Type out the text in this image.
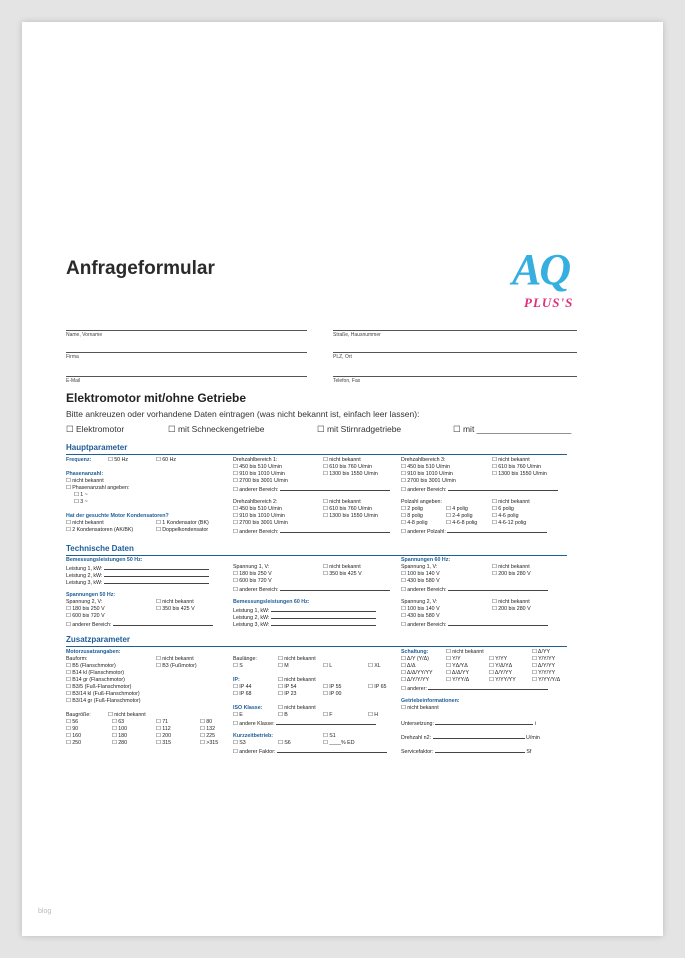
Anfrageformular	AQ
PLUS'S
Name, Vorname	Straße, Hausnummer
Firma	PLZ, Ort
E-Mail	Telefon, Fax
Elektromotor mit/ohne Getriebe
Bitte ankreuzen oder vorhandene Daten eintragen (was nicht bekannt ist, einfach leer lassen):
☐ Elektromotor	☐ mit Schneckengetriebe	☐ mit Stirnradgetriebe	☐ mit ____________________
Hauptparameter
Frequenz:	☐ 50 Hz	☐ 60 Hz
Phasenanzahl:
☐ nicht bekannt
☐ Phasenanzahl angeben:
☐ 1 ~
☐ 3 ~
Hat der gesuchte Motor Kondensatoren?
☐ nicht bekannt	☐ 1 Kondensator (BK)
☐ 2 Kondensatoren (AK/BK)	☐ Doppelkondensator
Drehzahlbereich 1:	☐ nicht bekannt
☐ 450 bis 510 U/min	☐ 610 bis 760 U/min
☐ 910 bis 1010 U/min	☐ 1300 bis 1550 U/min
☐ 2700 bis 3001 U/min
☐ anderer Bereich:
Drehzahlbereich 3:	☐ nicht bekannt
☐ 450 bis 510 U/min	☐ 610 bis 760 U/min
☐ 910 bis 1010 U/min	☐ 1300 bis 1550 U/min
☐ 2700 bis 3001 U/min
☐ anderer Bereich:
Drehzahlbereich 2:	☐ nicht bekannt
☐ 450 bis 510 U/min	☐ 610 bis 760 U/min
☐ 910 bis 1010 U/min	☐ 1300 bis 1550 U/min
☐ 2700 bis 3001 U/min
☐ anderer Bereich:
Polzahl angeben:	☐ nicht bekannt
☐ 2 polig	☐ 4 polig	☐ 6 polig
☐ 8 polig	☐ 2-4 polig	☐ 4-6 polig
☐ 4-8 polig	☐ 4-6-8 polig	☐ 4-6-12 polig
☐ anderer Polzahl:
Technische Daten
Bemessungsleistungen 50 Hz:
Leistung 1, kW:
Leistung 2, kW:
Leistung 3, kW:
Spannung 1, V:	☐ nicht bekannt
☐ 180 bis 250 V	☐ 350 bis 425 V
☐ 600 bis 720 V
☐ anderer Bereich:
Spannungen 60 Hz:
Spannung 1, V:	☐ nicht bekannt
☐ 100 bis 140 V	☐ 200 bis 280 V
☐ 430 bis 580 V
☐ anderer Bereich:
Spannungen 50 Hz:
Spannung 2, V:	☐ nicht bekannt
☐ 180 bis 250 V	☐ 350 bis 425 V
☐ 600 bis 720 V
☐ anderer Bereich:
Bemessungsleistungen 60 Hz:
Leistung 1, kW:
Leistung 2, kW:
Leistung 3, kW:
Spannung 2, V:	☐ nicht bekannt
☐ 100 bis 140 V	☐ 200 bis 280 V
☐ 430 bis 580 V
☐ anderer Bereich:
Zusatzparameter
Motorzusatzangaben:
Bauform:	☐ nicht bekannt
☐ B5 (Flanschmotor)	☐ B3 (Fußmotor)
☐ B14 kl (Flanschmotor)
☐ B14 gr (Flanschmotor)
☐ B3/5 (Fuß-Flanschmotor)
☐ B3/14 kl (Fuß-Flanschmotor)
☐ B3/14 gr (Fuß-Flanschmotor)
Baugröße:	☐ nicht bekannt
☐ 56	☐ 63	☐ 71	☐ 80
☐ 90	☐ 100	☐ 112	☐ 132
☐ 160	☐ 180	☐ 200	☐ 225
☐ 250	☐ 280	☐ 315	☐ >315
Baulänge:	☐ nicht bekannt
☐ S	☐ M	☐ L	☐ XL
IP:	☐ nicht bekannt
☐ IP 44	☐ IP 54	☐ IP 55	☐ IP 65
☐ IP 68	☐ IP 23	☐ IP 00
ISO Klasse:	☐ nicht bekannt
☐ E	☐ B	☐ F	☐ H
☐ andere Klasse:
Kurzzeitbetrieb:	☐ S1
☐ S3	☐ S6	☐ ____% ED
☐ anderer Faktor:
Schaltung:	☐ nicht bekannt	☐ Δ/YY
☐ Δ/Y (Y/Δ)	☐ Y/Y	☐ Y/YY	☐ Y/Y/YY
☐ Δ/Δ	☐ YΔ/YΔ	☐ Y/Δ/YΔ	☐ Δ/Y/YY
☐ Δ/Δ/YY/YY	☐ Δ/Δ/YY	☐ Δ/Y/YY	☐ Y/Y/YY
☐ Δ/Y/Y/YY	☐ Y/YY/Δ	☐ Y/YY/YY	☐ Y/YY/Y/Δ
☐ anderer:
Getriebeinformationen:
☐ nicht bekannt
Untersetzung:	i
Drehzahl n2:	U/min
Servicefaktor:	Sf
blog
